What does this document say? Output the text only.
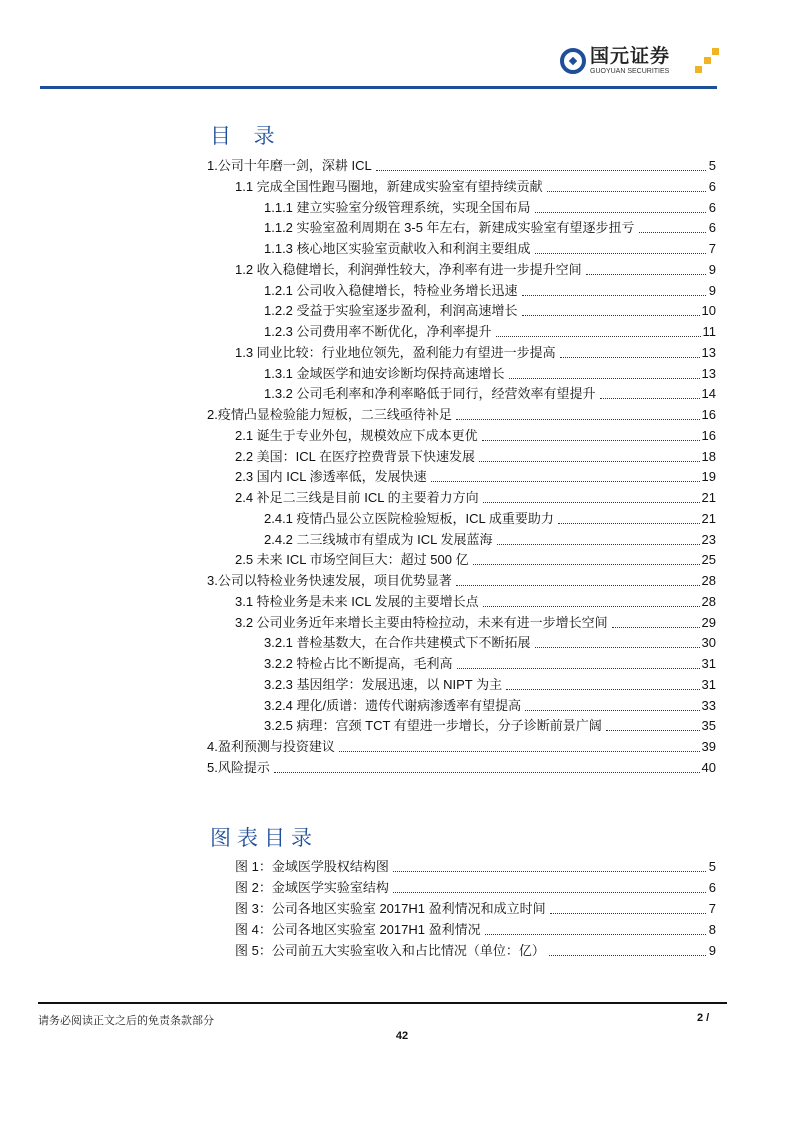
国元证券
GUOYUAN SECURITIES
目 录
1.公司十年磨一剑，深耕 ICL	5
1.1 完成全国性跑马圈地，新建成实验室有望持续贡献	6
1.1.1 建立实验室分级管理系统，实现全国布局	6
1.1.2 实验室盈利周期在 3-5 年左右，新建成实验室有望逐步扭亏	6
1.1.3 核心地区实验室贡献收入和利润主要组成	7
1.2 收入稳健增长，利润弹性较大，净利率有进一步提升空间	9
1.2.1 公司收入稳健增长，特检业务增长迅速	9
1.2.2 受益于实验室逐步盈利，利润高速增长	10
1.2.3 公司费用率不断优化，净利率提升	11
1.3 同业比较：行业地位领先，盈利能力有望进一步提高	13
1.3.1 金域医学和迪安诊断均保持高速增长	13
1.3.2 公司毛利率和净利率略低于同行，经营效率有望提升	14
2.疫情凸显检验能力短板，二三线亟待补足	16
2.1 诞生于专业外包，规模效应下成本更优	16
2.2 美国：ICL 在医疗控费背景下快速发展	18
2.3 国内 ICL 渗透率低，发展快速	19
2.4 补足二三线是目前 ICL 的主要着力方向	21
2.4.1 疫情凸显公立医院检验短板，ICL 成重要助力	21
2.4.2 二三线城市有望成为 ICL 发展蓝海	23
2.5 未来 ICL 市场空间巨大：超过 500 亿	25
3.公司以特检业务快速发展，项目优势显著	28
3.1 特检业务是未来 ICL 发展的主要增长点	28
3.2 公司业务近年来增长主要由特检拉动，未来有进一步增长空间	29
3.2.1 普检基数大，在合作共建模式下不断拓展	30
3.2.2 特检占比不断提高，毛利高	31
3.2.3 基因组学：发展迅速，以 NIPT 为主	31
3.2.4 理化/质谱：遗传代谢病渗透率有望提高	33
3.2.5 病理：宫颈 TCT 有望进一步增长，分子诊断前景广阔	35
4.盈利预测与投资建议	39
5.风险提示	40
图表目录
图 1：金域医学股权结构图	5
图 2：金域医学实验室结构	6
图 3：公司各地区实验室 2017H1 盈利情况和成立时间	7
图 4：公司各地区实验室 2017H1 盈利情况	8
图 5：公司前五大实验室收入和占比情况（单位：亿）	9
请务必阅读正文之后的免责条款部分	2 /
42
